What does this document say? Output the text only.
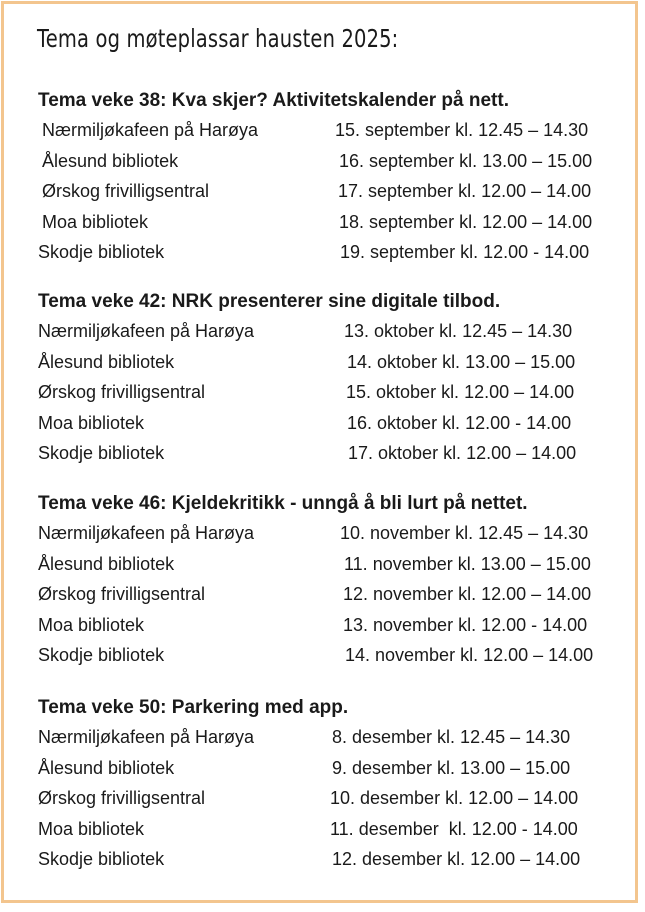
Tema og møteplassar hausten 2025:
Tema veke 38: Kva skjer? Aktivitetskalender på nett.
Nærmiljøkafeen på Harøya	15. september kl. 12.45 – 14.30
Ålesund bibliotek	16. september kl. 13.00 – 15.00
Ørskog frivilligsentral	17. september kl. 12.00 – 14.00
Moa bibliotek	18. september kl. 12.00 – 14.00
Skodje bibliotek	19. september kl. 12.00 - 14.00
Tema veke 42: NRK presenterer sine digitale tilbod.
Nærmiljøkafeen på Harøya	13. oktober kl. 12.45 – 14.30
Ålesund bibliotek	14. oktober kl. 13.00 – 15.00
Ørskog frivilligsentral	15. oktober kl. 12.00 – 14.00
Moa bibliotek	16. oktober kl. 12.00 - 14.00
Skodje bibliotek	17. oktober kl. 12.00 – 14.00
Tema veke 46: Kjeldekritikk - unngå å bli lurt på nettet.
Nærmiljøkafeen på Harøya	10. november kl. 12.45 – 14.30
Ålesund bibliotek	11. november kl. 13.00 – 15.00
Ørskog frivilligsentral	12. november kl. 12.00 – 14.00
Moa bibliotek	13. november kl. 12.00 - 14.00
Skodje bibliotek	14. november kl. 12.00 – 14.00
Tema veke 50: Parkering med app.
Nærmiljøkafeen på Harøya	8. desember kl. 12.45 – 14.30
Ålesund bibliotek	9. desember kl. 13.00 – 15.00
Ørskog frivilligsentral	10. desember kl. 12.00 – 14.00
Moa bibliotek	11. desember  kl. 12.00 - 14.00
Skodje bibliotek	12. desember kl. 12.00 – 14.00
